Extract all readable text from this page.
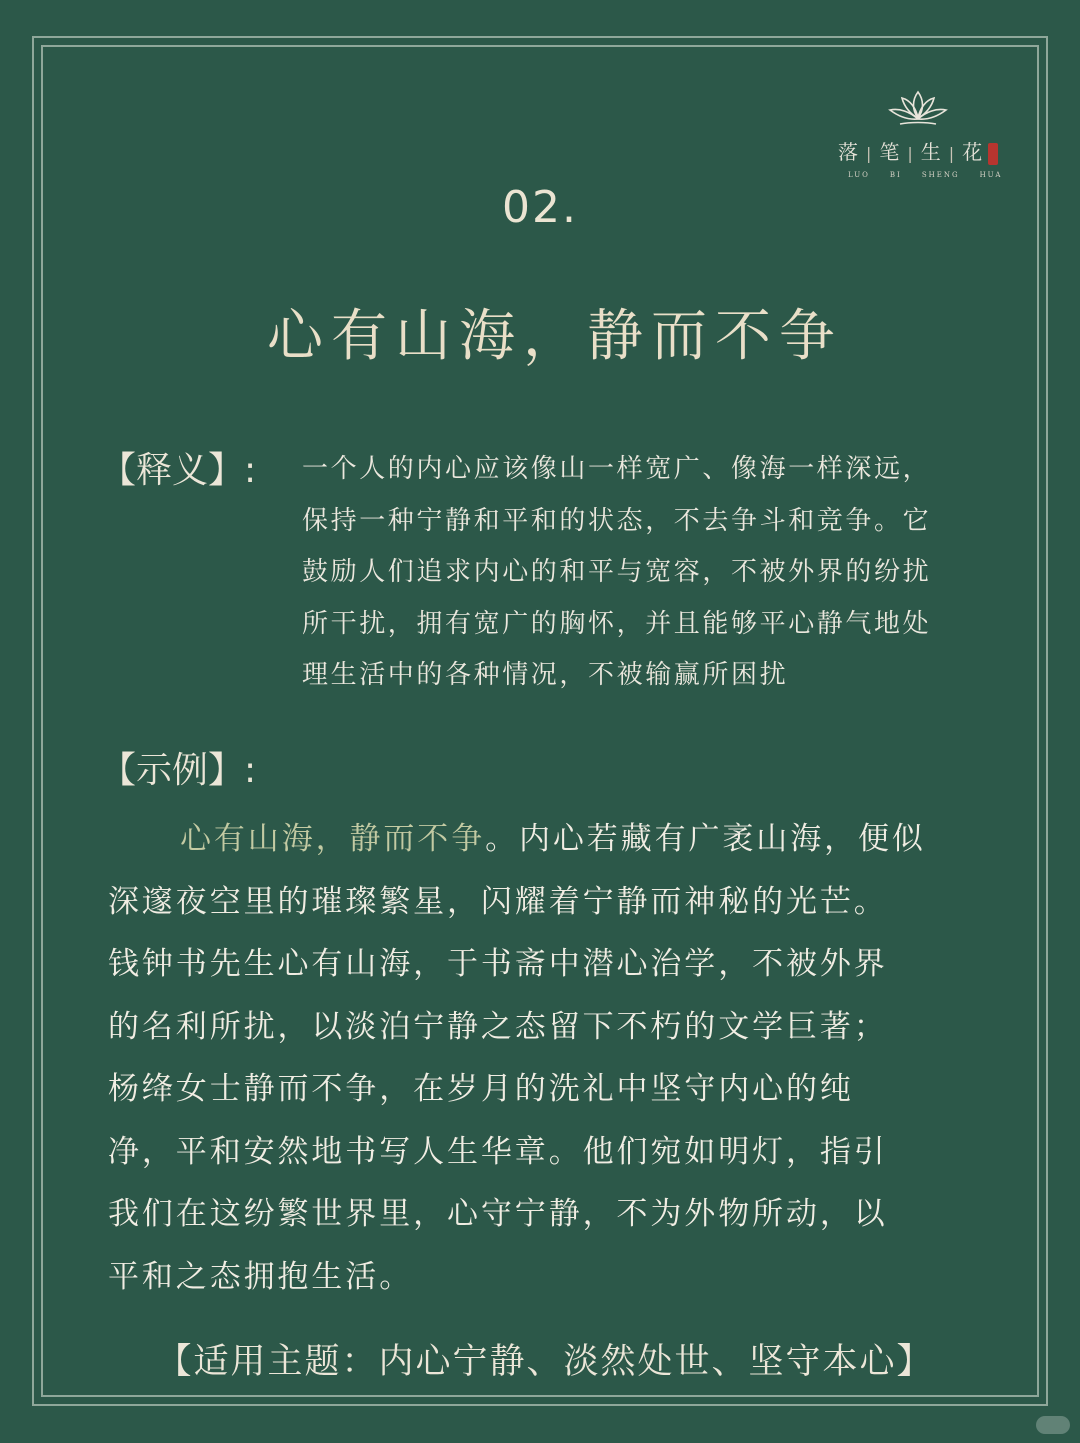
落 | 笔 | 生 | 花
LUO	BI	SHENG	HUA
02.
心有山海，静而不争
【释义】: 一个人的内心应该像山一样宽广、像海一样深远，
保持一种宁静和平和的状态，不去争斗和竞争。它
鼓励人们追求内心的和平与宽容，不被外界的纷扰
所干扰，拥有宽广的胸怀，并且能够平心静气地处
理生活中的各种情况，不被输赢所困扰
【示例】:
心有山海，静而不争。内心若藏有广袤山海，便似
深邃夜空里的璀璨繁星，闪耀着宁静而神秘的光芒。
钱钟书先生心有山海，于书斋中潜心治学，不被外界
的名利所扰，以淡泊宁静之态留下不朽的文学巨著；
杨绛女士静而不争，在岁月的洗礼中坚守内心的纯
净，平和安然地书写人生华章。他们宛如明灯，指引
我们在这纷繁世界里，心守宁静，不为外物所动，以
平和之态拥抱生活。
【适用主题：内心宁静、淡然处世、坚守本心】
